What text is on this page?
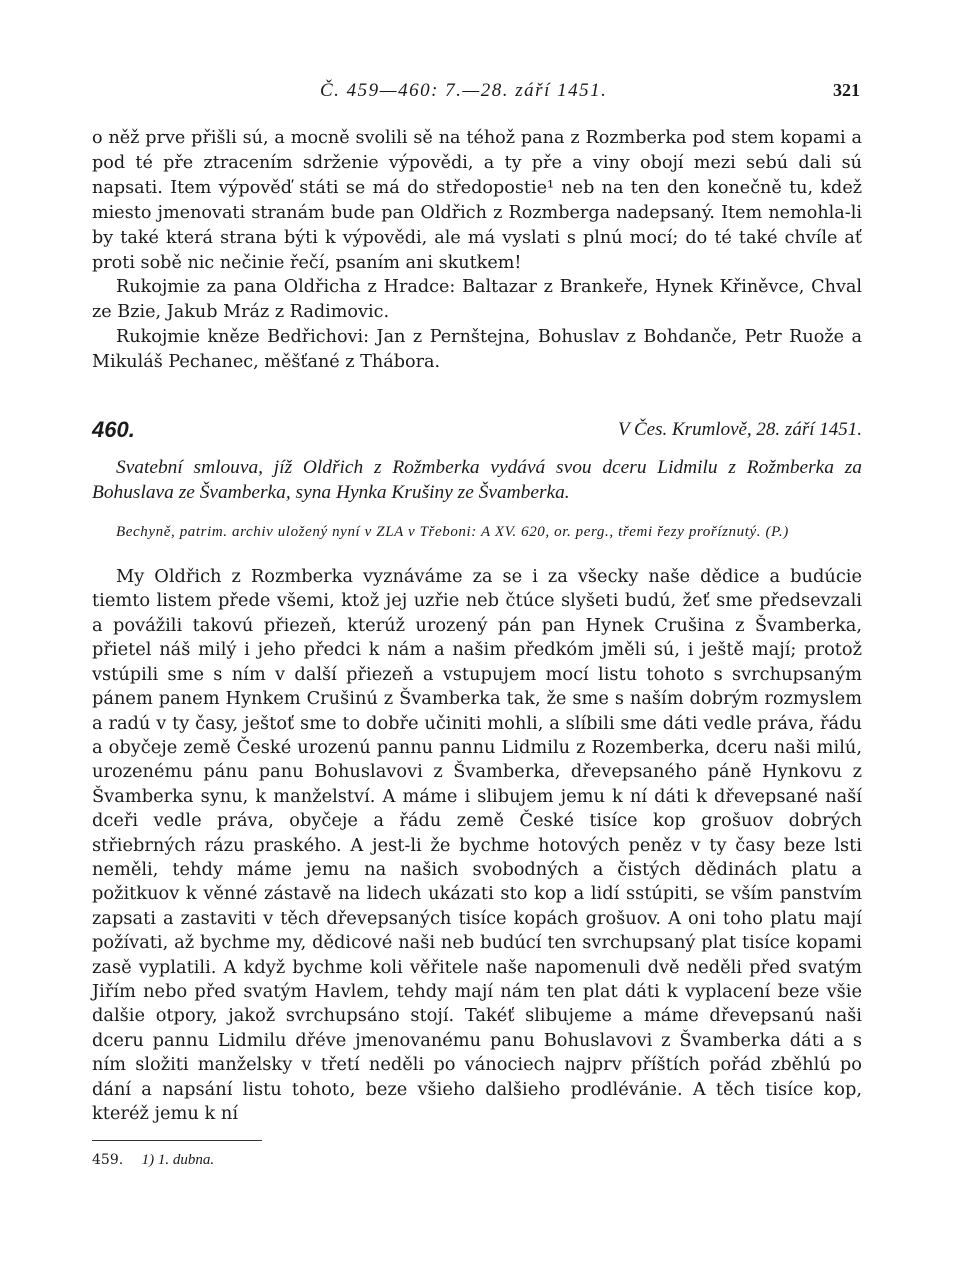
Č. 459—460: 7.—28. září 1451.	321

o něž prve přišli sú, a mocně svolili sě na téhož pana z Rozmberka pod stem kopami a pod té pře ztracením sdrženie výpovědi, a ty pře a viny obojí mezi sebú dali sú napsati. Item výpověď státi se má do středopostie¹ neb na ten den konečně tu, kdež miesto jmenovati stranám bude pan Oldřich z Rozmberga nadepsaný. Item nemohla-li by také která strana býti k výpovědi, ale má vyslati s plnú mocí; do té také chvíle ať proti sobě nic nečinie řečí, psaním ani skutkem!

Rukojmie za pana Oldřicha z Hradce: Baltazar z Brankeře, Hynek Křiněvce, Chval ze Bzie, Jakub Mráz z Radimovic.

Rukojmie kněze Bedřichovi: Jan z Pernštejna, Bohuslav z Bohdanče, Petr Ruože a Mikuláš Pechanec, měšťané z Thábora.

460.	V Čes. Krumlově, 28. září 1451.

Svatební smlouva, jíž Oldřich z Rožmberka vydává svou dceru Lidmilu z Rožmberka za Bohuslava ze Švamberka, syna Hynka Krušiny ze Švamberka.

Bechyně, patrim. archiv uložený nyní v ZLA v Třeboni: A XV. 620, or. perg., třemi řezy proříznutý. (P.)

My Oldřich z Rozmberka vyznáváme za se i za všecky naše dědice a budúcie tiemto listem přede všemi, ktož jej uzřie neb čtúce slyšeti budú, žeť sme předsevzali a povážili takovú přiezeň, kterúž urozený pán pan Hynek Crušina z Švamberka, přietel náš milý i jeho předci k nám a našim předkóm jměli sú, i ještě mají; protož vstúpili sme s ním v další přiezeň a vstupujem mocí listu tohoto s svrchupsaným pánem panem Hynkem Crušinú z Švamberka tak, že sme s naším dobrým rozmyslem a radú v ty časy, ještoť sme to dobře učiniti mohli, a slíbili sme dáti vedle práva, řádu a obyčeje země České urozenú pannu pannu Lidmilu z Rozemberka, dceru naši milú, urozenému pánu panu Bohuslavovi z Švamberka, dřevepsaného páně Hynkovu z Švamberka synu, k manželství. A máme i slibujem jemu k ní dáti k dřevepsané naší dceři vedle práva, obyčeje a řádu země České tisíce kop grošuov dobrých střiebrných rázu praského. A jest-li že bychme hotových peněz v ty časy beze lsti neměli, tehdy máme jemu na našich svobodných a čistých dědinách platu a požitkuov k věnné zástavě na lidech ukázati sto kop a lidí sstúpiti, se vším panstvím zapsati a zastaviti v těch dřevepsaných tisíce kopách grošuov. A oni toho platu mají požívati, až bychme my, dědicové naši neb budúcí ten svrchupsaný plat tisíce kopami zasě vyplatili. A když bychme koli věřitele naše napomenuli dvě neděli před svatým Jiřím nebo před svatým Havlem, tehdy mají nám ten plat dáti k vyplacení beze všie dalšie otpory, jakož svrchupsáno stojí. Takéť slibujeme a máme dřevepsanú naši dceru pannu Lidmilu dřéve jmenovanému panu Bohuslavovi z Švamberka dáti a s ním složiti manželsky v třetí neděli po vánociech najprv příštích pořád zběhlú po dání a napsání listu tohoto, beze všieho dalšieho prodlévánie. A těch tisíce kop, kteréž jemu k ní

459. 1) 1. dubna.
